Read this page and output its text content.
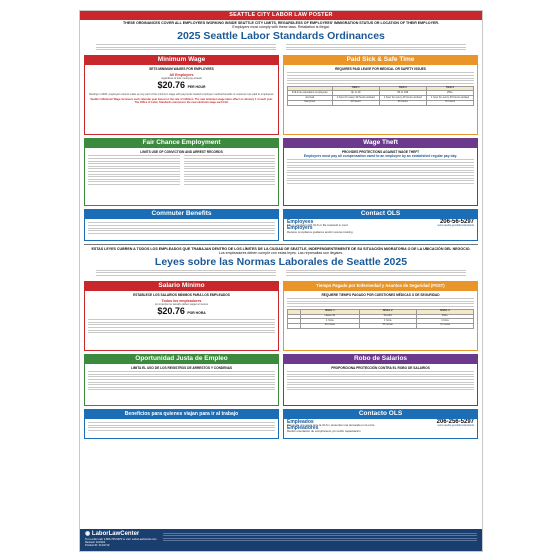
SEATTLE CITY LABOR LAW POSTER
THESE ORDINANCES COVER ALL EMPLOYEES WORKING INSIDE SEATTLE CITY LIMITS, REGARDLESS OF EMPLOYEES' IMMIGRATION STATUS OR LOCATION OF THEIR EMPLOYER.
Employers must comply with these laws. Retaliation is illegal.
2025 Seattle Labor Standards Ordinances
Minimum Wage
SETS MINIMUM WAGES FOR EMPLOYEES
All Employers
regardless of size must pay at least
$20.76 PER HOUR
Starting in 2025, employers cannot make up any part of the minimum wage with payments toward employee medical benefits or customer tips paid to employees.
Seattle's Minimum Wage increases each calendar year based on the rate of inflation. The new minimum wage takes effect on January 1 of each year. The Office of Labor Standards announces the new minimum wage each Fall.
Paid Sick & Safe Time
REQUIRES PAID LEAVE FOR MEDICAL OR SAFETY ISSUES
	TIER 1	TIER 2	TIER 3
Full-time equivalent employees	Up to 49	50 to 249	250+
Accrual	1 hour for every 40 hours worked	1 hour for every 40 hours worked	1 hour for every 30 hours worked
Carryover	40 hours	56 hours	72 hours
Fair Chance Employment
LIMITS USE OF CONVICTION AND ARREST RECORDS
Wage Theft
PROVIDES PROTECTIONS AGAINST WAGE THEFT
Employers must pay all compensation owed to an employee by an established regular pay day.
Commuter Benefits	Contact OLS
Employees
File a complaint with OLS or file a lawsuit in court
Employers
Receive compliance guidance and/or receive training
206-56-5297
www.seattle.gov/laborstandards
ESTAS LEYES CUBREN A TODOS LOS EMPLEADOS QUE TRABAJAN DENTRO DE LOS LÍMITES DE LA CIUDAD DE SEATTLE, INDEPENDIENTEMENTE DE SU SITUACIÓN MIGRATORIA O DE LA UBICACIÓN DEL NEGOCIO.
Los empleadores deben cumplir con estas leyes. Las represalias son ilegales.
Leyes sobre las Normas Laborales de Seattle 2025
Salario Mínimo
ESTABLECE LOS SALARIOS MÍNIMOS PARA LOS EMPLEADOS
Todos los empleadores
sin importar su tamaño deben pagar al menos
$20.76 POR HORA
Tiempo Pagado por Enfermedad y Asuntos de Seguridad (PSST)
REQUIERE TIEMPO PAGADO POR CUESTIONES MÉDICAS O DE SEGURIDAD
	NIVEL 1	NIVEL 2	NIVEL 3
	Hasta 49	50-249	250+
	1 hora	1 hora	1 hora
	40 horas	56 horas	72 horas
Oportunidad Justa de Empleo
LIMITA EL USO DE LOS REGISTROS DE ARRESTOS Y CONDENAS
Robo de Salarios
PROPORCIONA PROTECCIÓN CONTRA EL ROBO DE SALARIOS
Beneficios para quienes viajan para ir al trabajo	Contacto OLS
Empleados
Presentar una queja ante la OLS o presentar una demanda en la corte
Empleadores
Recibir orientación de cumplimiento y/o recibir capacitación
206-256-5297
www.seattle.gov/laborstandards
◉ LaborLawCenter
To re-order call: 1-800-745-9970 or visit: LaborLawCenter.com
Revised: 12/2024
Product ID: FLD1710
